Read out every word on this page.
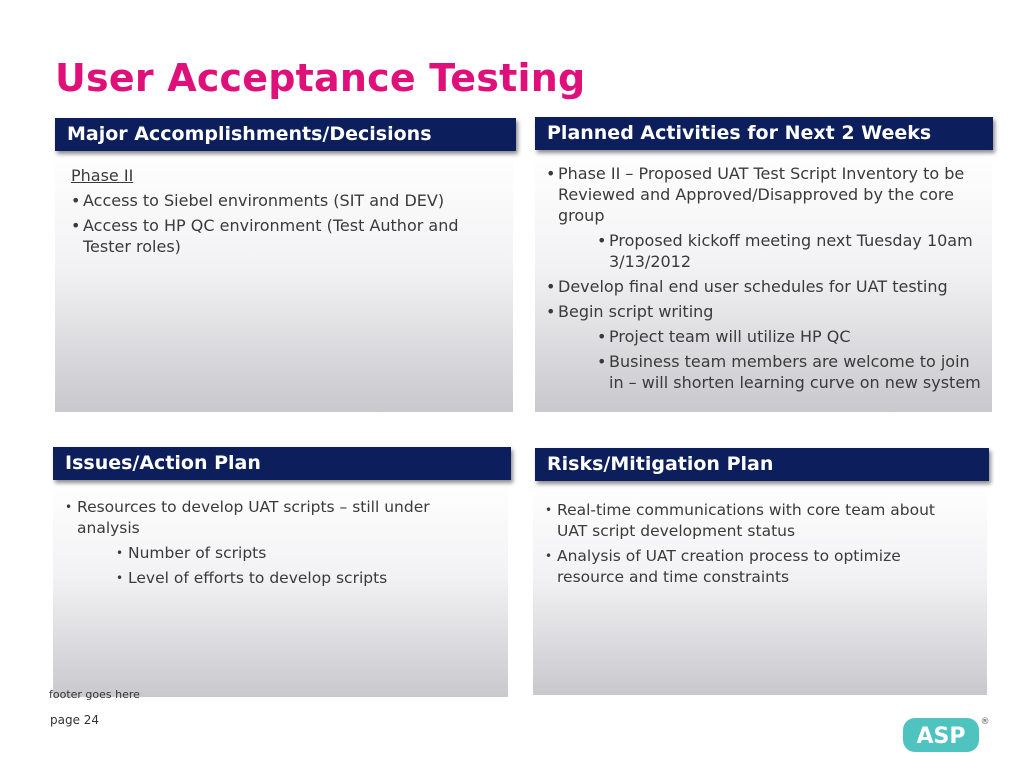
User Acceptance Testing
Major Accomplishments/Decisions
Phase II
• Access to Siebel environments (SIT and DEV)
• Access to HP QC environment (Test Author and Tester roles)
Planned Activities for Next 2 Weeks
• Phase II – Proposed UAT Test Script Inventory to be Reviewed and Approved/Disapproved by the core group
• Proposed kickoff meeting next Tuesday 10am 3/13/2012
• Develop final end user schedules for UAT testing
• Begin script writing
• Project team will utilize HP QC
• Business team members are welcome to join in – will shorten learning curve on new system
Issues/Action Plan
• Resources to develop UAT scripts – still under analysis
• Number of scripts
• Level of efforts to develop scripts
Risks/Mitigation Plan
• Real-time communications with core team about UAT script development status
• Analysis of UAT creation process to optimize resource and time constraints
footer goes here
page 24
ASP
®
